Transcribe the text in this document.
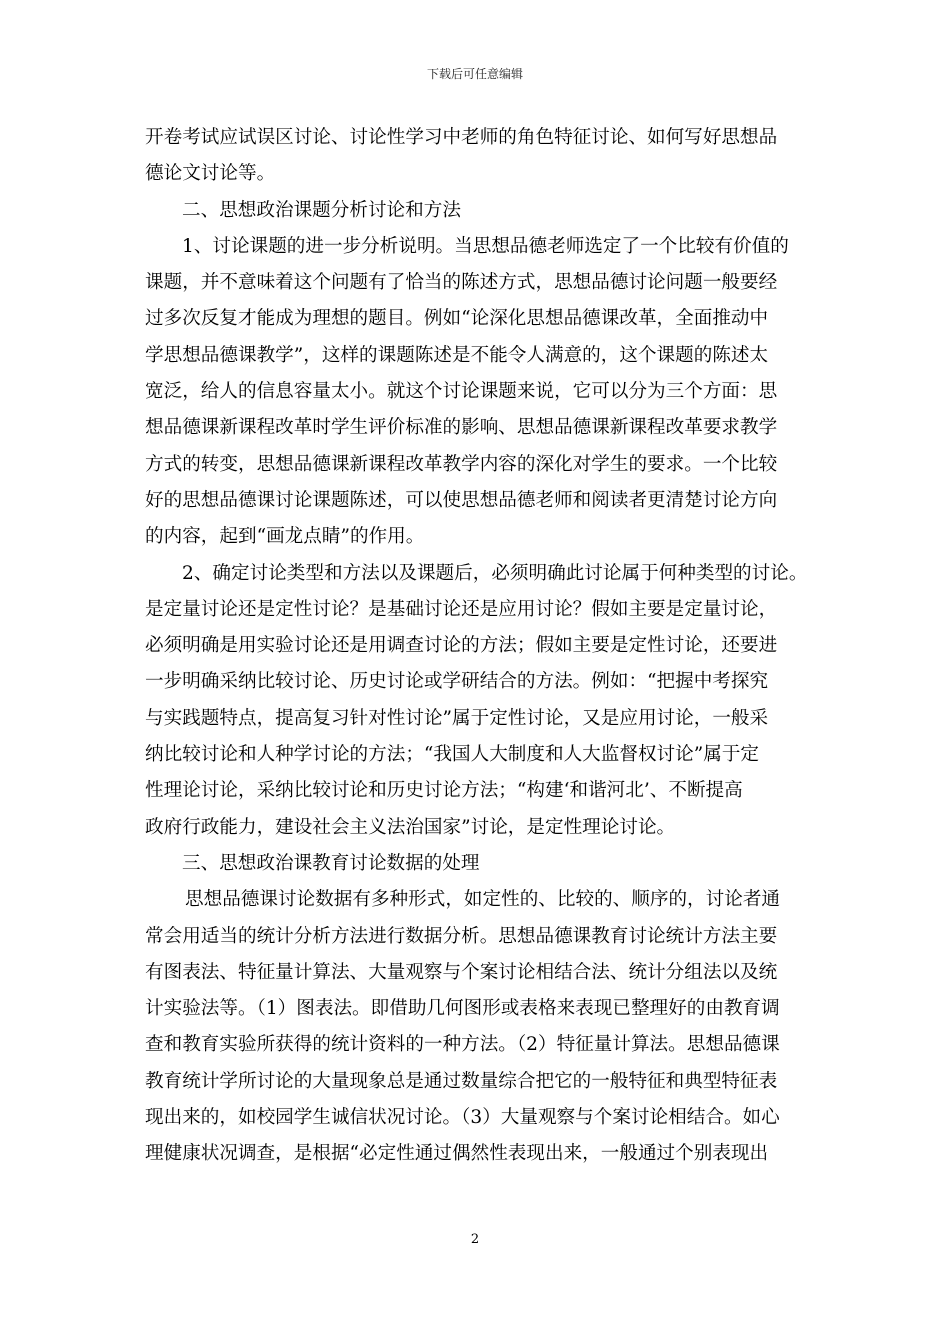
下载后可任意编辑
开卷考试应试误区讨论、讨论性学习中老师的角色特征讨论、如何写好思想品
德论文讨论等。
二、思想政治课题分析讨论和方法
1、讨论课题的进一步分析说明。当思想品德老师选定了一个比较有价值的
课题，并不意味着这个问题有了恰当的陈述方式，思想品德讨论问题一般要经
过多次反复才能成为理想的题目。例如“论深化思想品德课改革，全面推动中
学思想品德课教学”，这样的课题陈述是不能令人满意的，这个课题的陈述太
宽泛，给人的信息容量太小。就这个讨论课题来说，它可以分为三个方面：思
想品德课新课程改革时学生评价标准的影响、思想品德课新课程改革要求教学
方式的转变，思想品德课新课程改革教学内容的深化对学生的要求。一个比较
好的思想品德课讨论课题陈述，可以使思想品德老师和阅读者更清楚讨论方向
的内容，起到“画龙点睛”的作用。
2、确定讨论类型和方法以及课题后，必须明确此讨论属于何种类型的讨论。
是定量讨论还是定性讨论？是基础讨论还是应用讨论？假如主要是定量讨论，
必须明确是用实验讨论还是用调查讨论的方法；假如主要是定性讨论，还要进
一步明确采纳比较讨论、历史讨论或学研结合的方法。例如：“把握中考探究
与实践题特点，提高复习针对性讨论”属于定性讨论，又是应用讨论，一般采
纳比较讨论和人种学讨论的方法；“我国人大制度和人大监督权讨论”属于定
性理论讨论，采纳比较讨论和历史讨论方法；“构建‘和谐河北’、不断提高
政府行政能力，建设社会主义法治国家”讨论，是定性理论讨论。
三、思想政治课教育讨论数据的处理
思想品德课讨论数据有多种形式，如定性的、比较的、顺序的，讨论者通
常会用适当的统计分析方法进行数据分析。思想品德课教育讨论统计方法主要
有图表法、特征量计算法、大量观察与个案讨论相结合法、统计分组法以及统
计实验法等。（1）图表法。即借助几何图形或表格来表现已整理好的由教育调
查和教育实验所获得的统计资料的一种方法。（2）特征量计算法。思想品德课
教育统计学所讨论的大量现象总是通过数量综合把它的一般特征和典型特征表
现出来的，如校园学生诚信状况讨论。（3）大量观察与个案讨论相结合。如心
理健康状况调查，是根据“必定性通过偶然性表现出来，一般通过个别表现出
2
